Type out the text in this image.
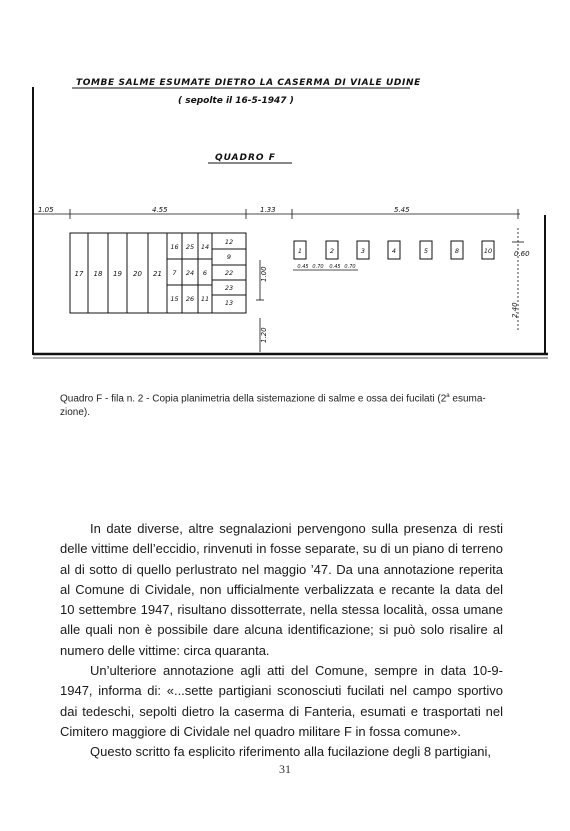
TOMBE SALME ESUMATE DIETRO LA CASERMA DI VIALE UDINE
( sepolte il 16-5-1947 )
QUADRO F
1.05	4.55	1.33	5.45
17 18 19 20 21
16 25 14
7 24 6
15 26 11
12
9
22
23
13
1.00
1.20
1	2	3	4	5	8	10
0.45 0.70 0.45 0.70
0.60
2.40
Quadro F - fila n. 2 - Copia planimetria della sistemazione di salme e ossa dei fucilati (2$^a$ esuma-zione).

In date diverse, altre segnalazioni pervengono sulla presenza di resti delle vittime dell’eccidio, rinvenuti in fosse separate, su di un piano di terreno al di sotto di quello perlustrato nel maggio ’47. Da una annotazione reperita al Comune di Cividale, non ufficialmente verbalizzata e recante la data del 10 settembre 1947, risultano dissotterrate, nella stessa località, ossa umane alle quali non è possibile dare alcuna identificazione; si può solo risalire al numero delle vittime: circa quaranta.

Un’ulteriore annotazione agli atti del Comune, sempre in data 10-9-1947, informa di: «...sette partigiani sconosciuti fucilati nel campo sportivo dai tedeschi, sepolti dietro la caserma di Fanteria, esumati e trasportati nel Cimitero maggiore di Cividale nel quadro militare F in fossa comune».

Questo scritto fa esplicito riferimento alla fucilazione degli 8 partigiani,

31
